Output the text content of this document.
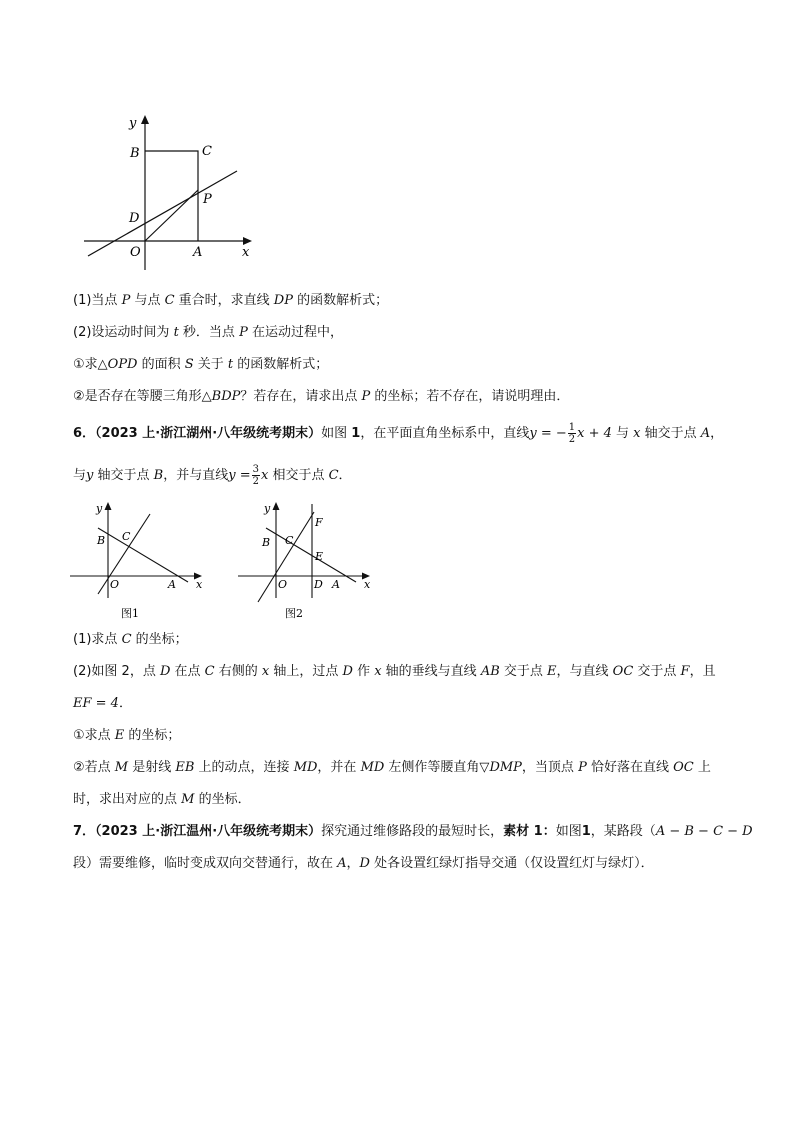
y
B	C
P
D
O	A	x
(1)当点 P 与点 C 重合时，求直线 DP 的函数解析式；
(2)设运动时间为 t 秒．当点 P 在运动过程中，
①求△OPD 的面积 S 关于 t 的函数解析式；
②是否存在等腰三角形△BDP？若存在，请求出点 P 的坐标；若不存在，请说明理由．
6．（2023 上·浙江湖州·八年级统考期末）如图 1，在平面直角坐标系中，直线y = − $\frac{1}{2}$ x + 4 与 x 轴交于点 A，
与y 轴交于点 B，并与直线$y = \frac{3}{2}$ x 相交于点 C．
y
B C
O	A x
图1
y
B C
F
E
O D A x
图2
(1)求点 C 的坐标；
(2)如图 2，点 D 在点 C 右侧的 x 轴上，过点 D 作 x 轴的垂线与直线 AB 交于点 E，与直线 OC 交于点 F，且
EF = 4．
①求点 E 的坐标；
②若点 M 是射线 EB 上的动点，连接 MD，并在 MD 左侧作等腰直角▽DMP，当顶点 P 恰好落在直线 OC 上
时，求出对应的点 M 的坐标．
7．（2023 上·浙江温州·八年级统考期末）探究通过维修路段的最短时长，素材 1：如图1，某路段（A − B − C − D
段）需要维修，临时变成双向交替通行，故在 A，D 处各设置红绿灯指导交通（仅设置红灯与绿灯）．
